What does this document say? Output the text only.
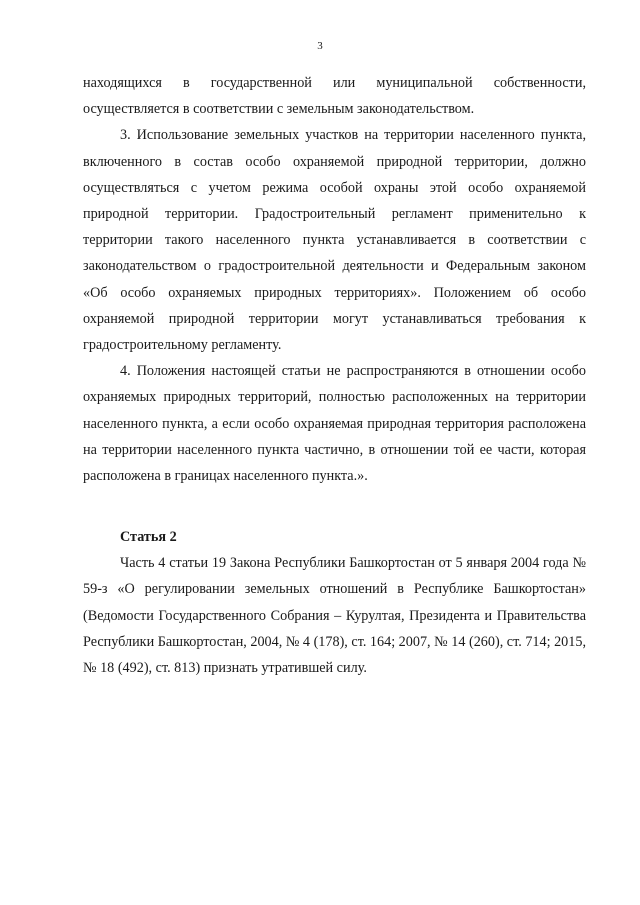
3

находящихся в государственной или муниципальной собственности, осуществляется в соответствии с земельным законодательством.

3. Использование земельных участков на территории населенного пункта, включенного в состав особо охраняемой природной территории, должно осуществляться с учетом режима особой охраны этой особо охраняемой природной территории. Градостроительный регламент применительно к территории такого населенного пункта устанавливается в соответствии с законодательством о градостроительной деятельности и Федеральным законом «Об особо охраняемых природных территориях». Положением об особо охраняемой природной территории могут устанавливаться требования к градостроительному регламенту.

4. Положения настоящей статьи не распространяются в отношении особо охраняемых природных территорий, полностью расположенных на территории населенного пункта, а если особо охраняемая природная территория расположена на территории населенного пункта частично, в отношении той ее части, которая расположена в границах населенного пункта.».

Статья 2

Часть 4 статьи 19 Закона Республики Башкортостан от 5 января 2004 года № 59-з «О регулировании земельных отношений в Республике Башкортостан» (Ведомости Государственного Собрания – Курултая, Президента и Правительства Республики Башкортостан, 2004, № 4 (178), ст. 164; 2007, № 14 (260), ст. 714; 2015, № 18 (492), ст. 813) признать утратившей силу.
